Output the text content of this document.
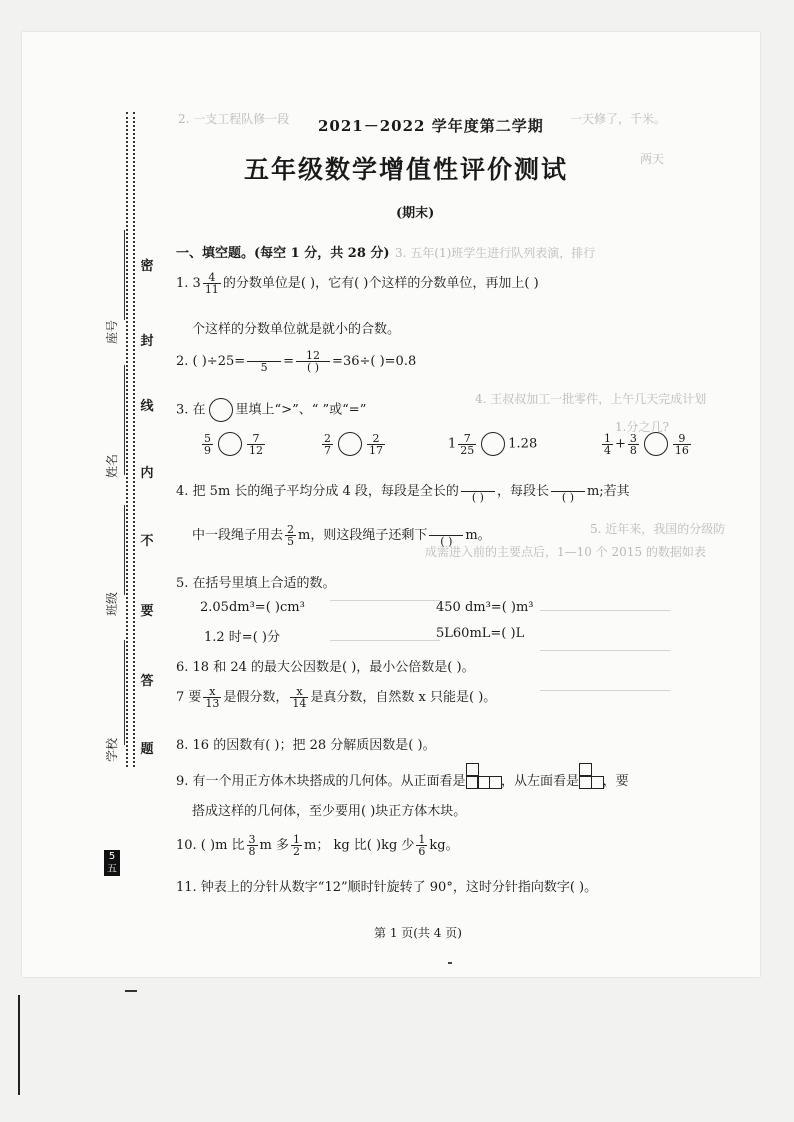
2. 一支工程队修一段	一天修了，千米。
两天
3. 五年(1)班学生进行队列表演，排行
4. 王叔叔加工一批零件，上午几天完成计划
1.分之几?
5. 近年来，我国的分级防
成需进入前的主要点后，1—10 个 2015 的数据如表
密
封
线
内
不
要
答
题
座号
姓名
班级
学校
5 五
2021－2022 学年度第二学期
五年级数学增值性评价测试
(期末)
一、填空题。(每空 1 分，共 28 分)
1. $3 \frac{4}{11}$ 的分数单位是( )，它有( )个这样的分数单位，再加上( )
个这样的分数单位就是就小的合数。
2. ( )÷25=
	5	= $\frac{12}{( )} =36\div$( )=0.8
3. 在 里填上“>”、“ ”或“=”
$\frac{5}{9}$	$\frac{7}{12}$	$\frac{2}{7}$	$\frac{2}{17}$	$1 \frac{7}{25} 1.28$	$\frac{1}{4} + \frac{3}{8}$	$\frac{9}{16}$
4. 把 5m 长的绳子平均分成 4 段，每段是全长的
	( ) ，每段长
	( ) m;若其
中一段绳子用去 $\frac{2}{5}$ m，则这段绳子还剩下
	( ) m。
5. 在括号里填上合适的数。
2.05dm³=( )cm³	450 dm³=( )m³
1.2 时=( )分	5L60mL=( )L
6. 18 和 24 的最大公因数是( )，最小公倍数是( )。
7 要 $\frac{x}{13}$ 是假分数， $\frac{x}{14}$ 是真分数，自然数 x 只能是( )。
8. 16 的因数有( )；把 28 分解质因数是( )。
9. 有一个用正方体木块搭成的几何体。从正面看是	，从左面看是 ，要
搭成这样的几何体，至少要用( )块正方体木块。
10. ( )m 比 $\frac{3}{8}$ m 多 $\frac{1}{2}$ m； kg 比( )kg 少 $\frac{1}{6}$ kg。
11. 钟表上的分针从数字“12”顺时针旋转了 90°，这时分针指向数字( )。
第 1 页(共 4 页)
